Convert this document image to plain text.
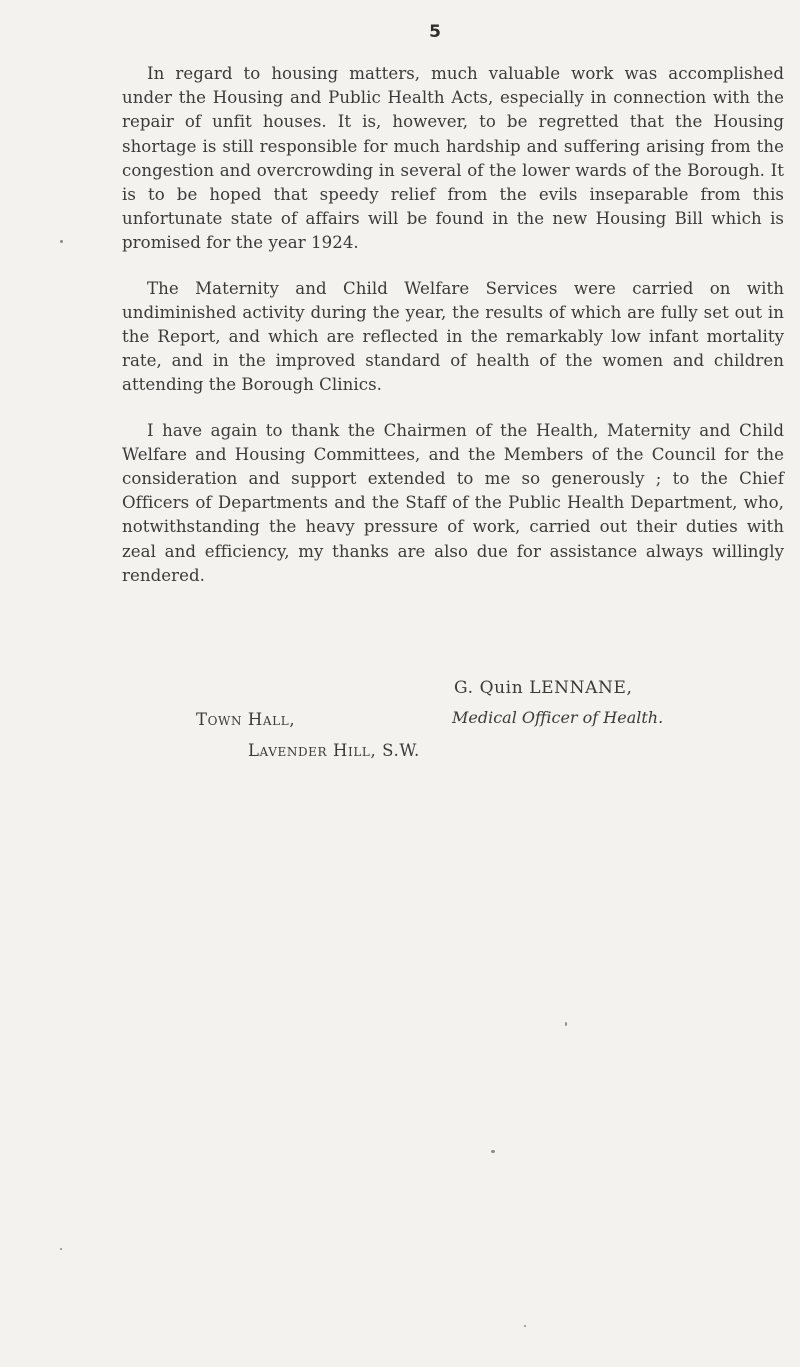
5

In regard to housing matters, much valuable work was accomplished under the Housing and Public Health Acts, especially in connection with the repair of unfit houses. It is, however, to be regretted that the Housing shortage is still responsible for much hardship and suffering arising from the congestion and overcrowding in several of the lower wards of the Borough. It is to be hoped that speedy relief from the evils inseparable from this unfortunate state of affairs will be found in the new Housing Bill which is promised for the year 1924.

The Maternity and Child Welfare Services were carried on with undiminished activity during the year, the results of which are fully set out in the Report, and which are reflected in the remarkably low infant mortality rate, and in the improved standard of health of the women and children attending the Borough Clinics.

I have again to thank the Chairmen of the Health, Maternity and Child Welfare and Housing Committees, and the Members of the Council for the consideration and support extended to me so generously ; to the Chief Officers of Departments and the Staff of the Public Health Department, who, notwithstanding the heavy pressure of work, carried out their duties with zeal and efficiency, my thanks are also due for assistance always willingly rendered.

G. Quin LENNANE,
Medical Officer of Health.
Town Hall,
Lavender Hill, S.W.
